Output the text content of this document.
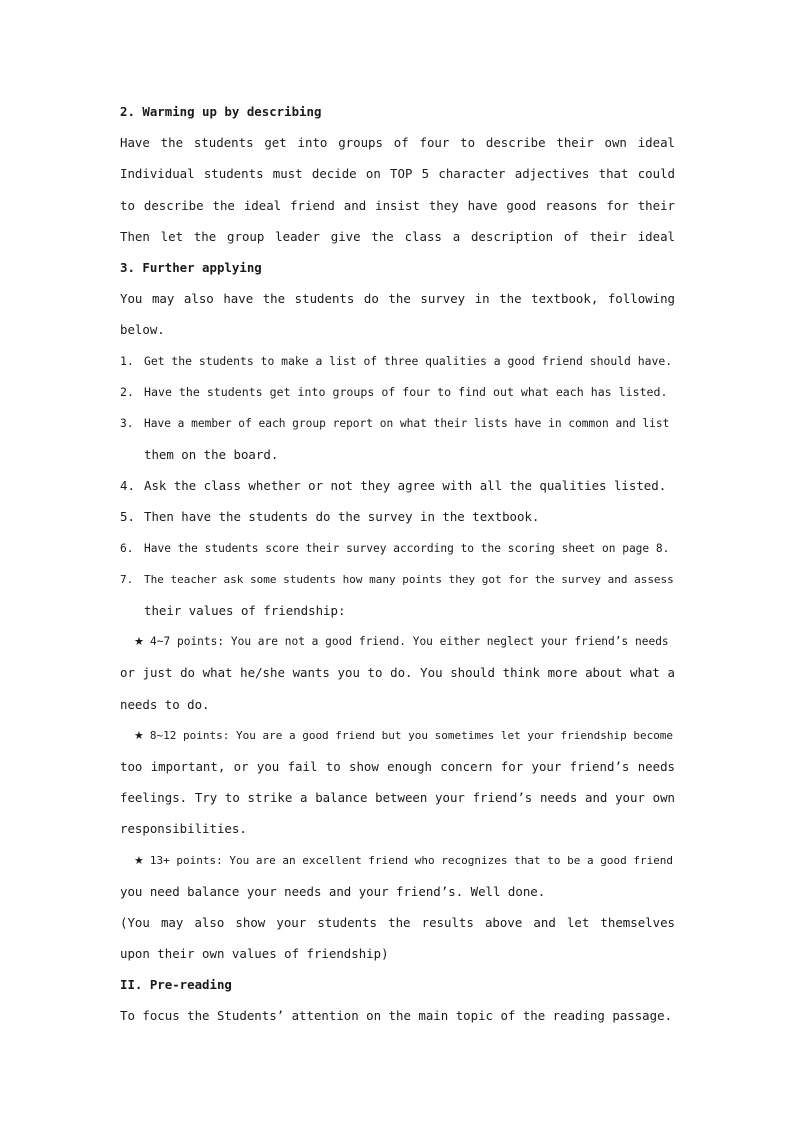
2. Warming up by describing
Have the students get into groups of four to describe their own ideal
Individual students must decide on TOP 5 character adjectives that could
to describe the ideal friend and insist they have good reasons for their
Then let the group leader give the class a description of their ideal
3. Further applying
You may also have the students do the survey in the textbook, following
below.
1. Get the students to make a list of three qualities a good friend should have.
2. Have the students get into groups of four to find out what each has listed.
3. Have a member of each group report on what their lists have in common and list
them on the board.
4. Ask the class whether or not they agree with all the qualities listed.
5. Then have the students do the survey in the textbook.
6. Have the students score their survey according to the scoring sheet on page 8.
7. The teacher ask some students how many points they got for the survey and assess
their values of friendship:
★ 4~7 points: You are not a good friend. You either neglect your friend’s needs
or just do what he/she wants you to do. You should think more about what a
needs to do.
★ 8~12 points: You are a good friend but you sometimes let your friendship become
too important, or you fail to show enough concern for your friend’s needs
feelings. Try to strike a balance between your friend’s needs and your own
responsibilities.
★ 13+ points: You are an excellent friend who recognizes that to be a good friend
you need balance your needs and your friend’s. Well done.
(You may also show your students the results above and let themselves
upon their own values of friendship)
II. Pre-reading
To focus the Students’ attention on the main topic of the reading passage.
